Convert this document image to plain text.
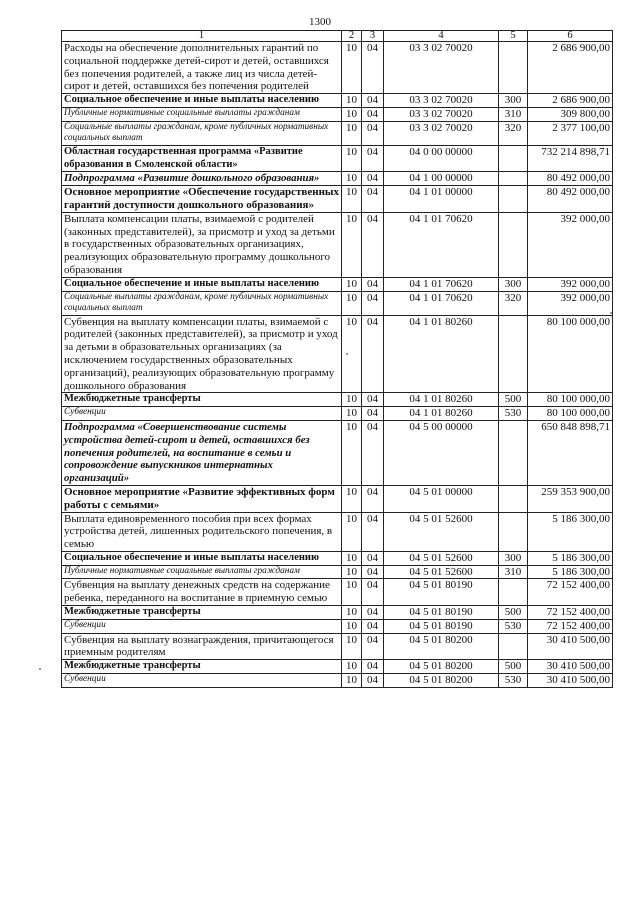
1300
1	2	3	4	5	6
Расходы на обеспечение дополнительных гарантий по социальной поддержке детей-сирот и детей, оставшихся без попечения родителей, а также лиц из числа детей-сирот и детей, оставшихся без попечения родителей	10	04	03 3 02 70020		2 686 900,00
Социальное обеспечение и иные выплаты населению	10	04	03 3 02 70020	300	2 686 900,00
Публичные нормативные социальные выплаты гражданам	10	04	03 3 02 70020	310	309 800,00
Социальные выплаты гражданам, кроме публичных нормативных социальных выплат	10	04	03 3 02 70020	320	2 377 100,00
Областная государственная программа «Развитие образования в Смоленской области»	10	04	04 0 00 00000		732 214 898,71
Подпрограмма «Развитие дошкольного образования»	10	04	04 1 00 00000		80 492 000,00
Основное мероприятие «Обеспечение государственных гарантий доступности дошкольного образования»	10	04	04 1 01 00000		80 492 000,00
Выплата компенсации платы, взимаемой с родителей (законных представителей), за присмотр и уход за детьми в государственных образовательных организациях, реализующих образовательную программу дошкольного образования	10	04	04 1 01 70620		392 000,00
Социальное обеспечение и иные выплаты населению	10	04	04 1 01 70620	300	392 000,00
Социальные выплаты гражданам, кроме публичных нормативных социальных выплат	10	04	04 1 01 70620	320	392 000,00
Субвенция на выплату компенсации платы, взимаемой с родителей (законных представителей), за присмотр и уход за детьми в образовательных организациях (за исключением государственных образовательных организаций), реализующих образовательную программу дошкольного образования	10	04	04 1 01 80260		80 100 000,00
Межбюджетные трансферты	10	04	04 1 01 80260	500	80 100 000,00
Субвенции	10	04	04 1 01 80260	530	80 100 000,00
Подпрограмма «Совершенствование системы устройства детей-сирот и детей, оставшихся без попечения родителей, на воспитание в семьи и сопровождение выпускников интернатных организаций»	10	04	04 5 00 00000		650 848 898,71
Основное мероприятие «Развитие эффективных форм работы с семьями»	10	04	04 5 01 00000		259 353 900,00
Выплата единовременного пособия при всех формах устройства детей, лишенных родительского попечения, в семью	10	04	04 5 01 52600		5 186 300,00
Социальное обеспечение и иные выплаты населению	10	04	04 5 01 52600	300	5 186 300,00
Публичные нормативные социальные выплаты гражданам	10	04	04 5 01 52600	310	5 186 300,00
Субвенция на выплату денежных средств на содержание ребенка, переданного на воспитание в приемную семью	10	04	04 5 01 80190		72 152 400,00
Межбюджетные трансферты	10	04	04 5 01 80190	500	72 152 400,00
Субвенции	10	04	04 5 01 80190	530	72 152 400,00
Субвенция на выплату вознаграждения, причитающегося приемным родителям	10	04	04 5 01 80200		30 410 500,00
Межбюджетные трансферты	10	04	04 5 01 80200	500	30 410 500,00
Субвенции	10	04	04 5 01 80200	530	30 410 500,00
